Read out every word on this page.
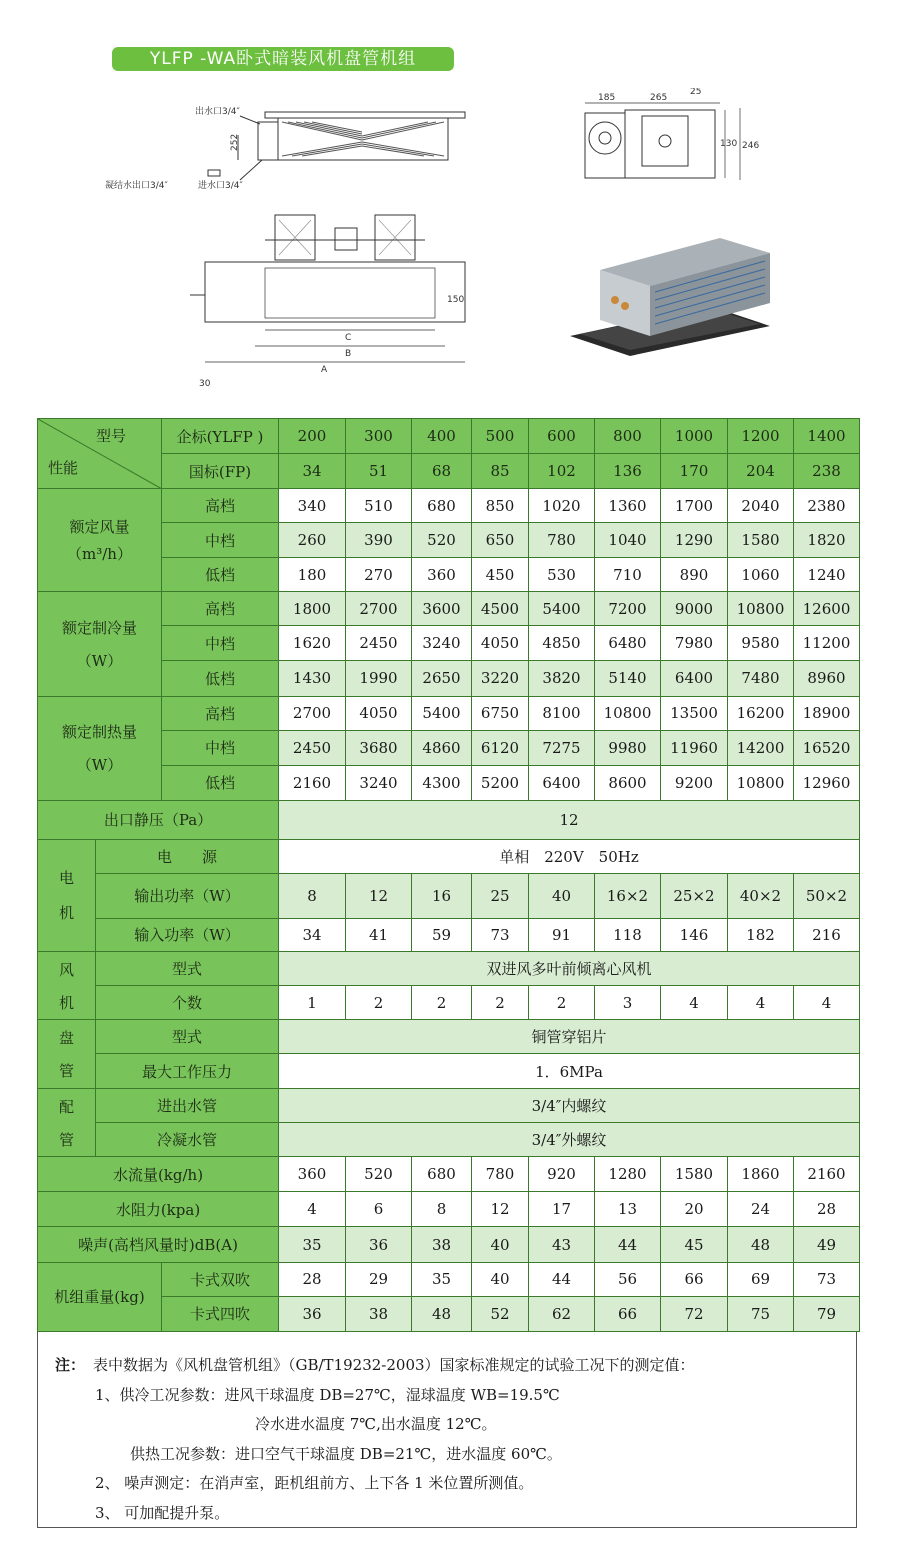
YLFP -WA卧式暗装风机盘管机组
出水口3/4″
凝结水出口3/4″	进水口3/4″
252
185	265
25
130 246
150
C
B
A
30
型号
性能		企标(YLFP )	200	300	400	500	600	800	1000	1200	1400
		国标(FP)	34	51	68	85	102	136	170	204	238

额定风量
（m³/h）		高档	340	510	680	850	1020	1360	1700	2040	2380
		中档	260	390	520	650	780	1040	1290	1580	1820
		低档	180	270	360	450	530	710	890	1060	1240

额定制冷量
（W）		高档	1800	2700	3600	4500	5400	7200	9000	10800	12600
		中档	1620	2450	3240	4050	4850	6480	7980	9580	11200
		低档	1430	1990	2650	3220	3820	5140	6400	7480	8960

额定制热量
（W）		高档	2700	4050	5400	6750	8100	10800	13500	16200	18900
		中档	2450	3680	4860	6120	7275	9980	11960	14200	16520
		低档	2160	3240	4300	5200	6400	8600	9200	10800	12960
出口静压（Pa）			12								

电
机	电　　源		单相　220V　50Hz								
	输出功率（W）		8	12	16	25	40	16×2	25×2	40×2	50×2
	输入功率（W）		34	41	59	73	91	118	146	182	216

风
机	型式		双进风多叶前倾离心风机								
	个数		1	2	2	2	2	3	4	4	4

盘
管	型式		铜管穿铝片								
	最大工作压力		1．6MPa								

配
管	进出水管		3/4″内螺纹								
	冷凝水管		3/4″外螺纹								
水流量(kg/h)			360	520	680	780	920	1280	1580	1860	2160
水阻力(kpa)			4	6	8	12	17	13	20	24	28
噪声(高档风量时)dB(A)			35	36	38	40	43	44	45	48	49
机组重量(kg)		卡式双吹	28	29	35	40	44	56	66	69	73
		卡式四吹	36	38	48	52	62	66	72	75	79
注： 表中数据为《风机盘管机组》（GB/T19232-2003）国家标准规定的试验工况下的测定值：
1、供冷工况参数：进风干球温度 DB=27℃，湿球温度 WB=19.5℃
冷水进水温度 7℃,出水温度 12℃。
供热工况参数：进口空气干球温度 DB=21℃，进水温度 60℃。
2、 噪声测定：在消声室，距机组前方、上下各 1 米位置所测值。
3、 可加配提升泵。
